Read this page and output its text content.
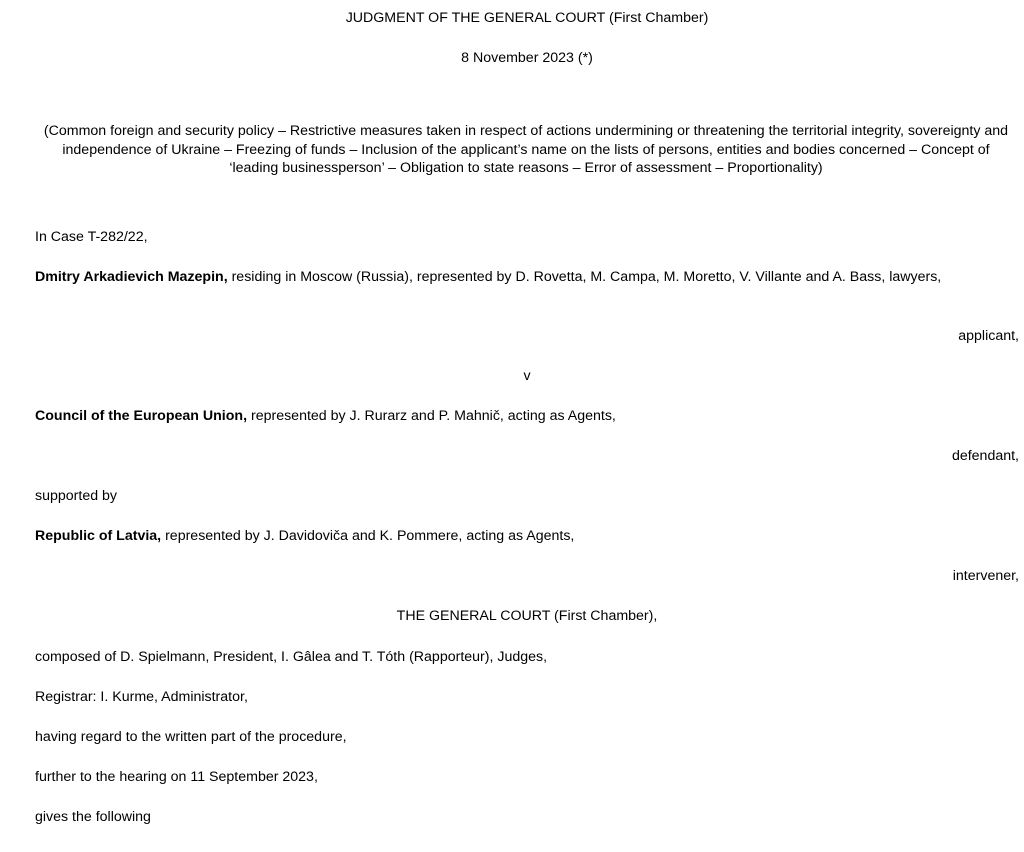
JUDGMENT OF THE GENERAL COURT (First Chamber)

8 November 2023 (*)

(Common foreign and security policy – Restrictive measures taken in respect of actions undermining or threatening the territorial integrity, sovereignty and independence of Ukraine – Freezing of funds – Inclusion of the applicant’s name on the lists of persons, entities and bodies concerned – Concept of ‘leading businessperson’ – Obligation to state reasons – Error of assessment – Proportionality)

In Case T-282/22,

Dmitry Arkadievich Mazepin, residing in Moscow (Russia), represented by D. Rovetta, M. Campa, M. Moretto, V. Villante and A. Bass, lawyers,

applicant,

v

Council of the European Union, represented by J. Rurarz and P. Mahnič, acting as Agents,

defendant,

supported by

Republic of Latvia, represented by J. Davidoviča and K. Pommere, acting as Agents,

intervener,

THE GENERAL COURT (First Chamber),

composed of D. Spielmann, President, I. Gâlea and T. Tóth (Rapporteur), Judges,

Registrar: I. Kurme, Administrator,

having regard to the written part of the procedure,

further to the hearing on 11 September 2023,

gives the following
